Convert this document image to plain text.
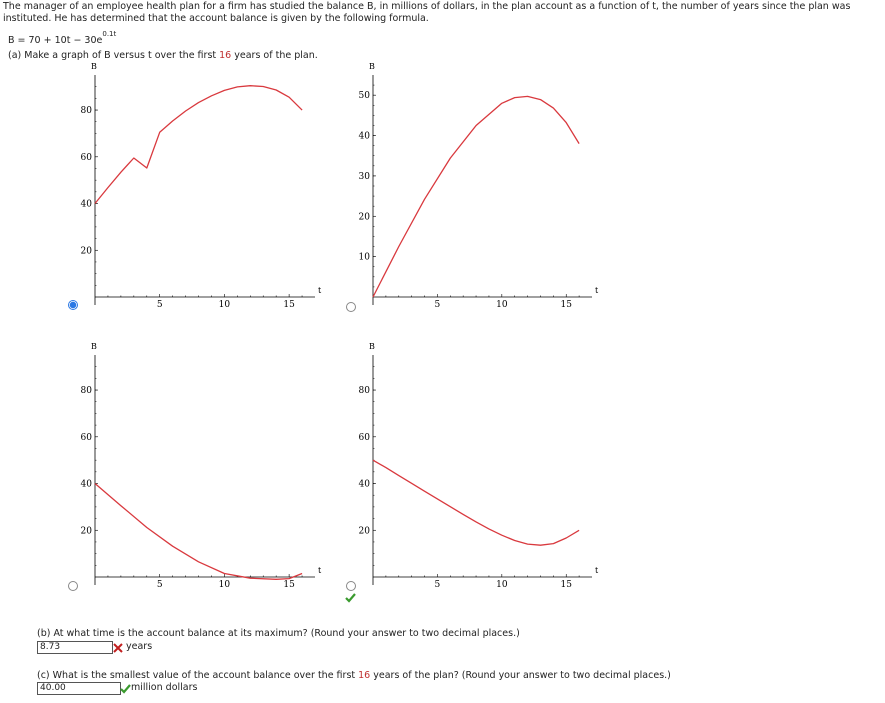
The manager of an employee health plan for a firm has studied the balance B, in millions of dollars, in the plan account as a function of t, the number of years since the plan was instituted. He has determined that the account balance is given by the following formula.
$B = 70 + 10t - 30e^{0.1t}$
(a) Make a graph of B versus t over the first 16 years of the plan.
5	10	15
20
40
60
80
t
B
5	10	15
10
20
30
40
50
t
B
5	10	15
20
40
60
80
t
B
5	10	15
20
40
60
80
t
B
(b) At what time is the account balance at its maximum? (Round your answer to two decimal places.)
8.73	years
(c) What is the smallest value of the account balance over the first 16 years of the plan? (Round your answer to two decimal places.)
40.00	million dollars
